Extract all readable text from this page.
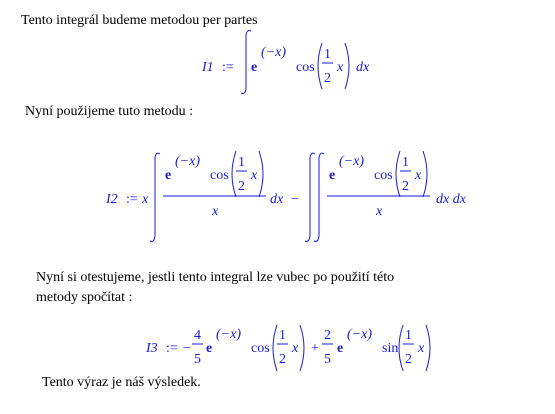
Tento integrál budeme metodou per partes
Nyní použijeme tuto metodu :
Nyní si otestujeme, jestli tento integral lze vubec po použití této
metody spočítat :
Tento výraz je náš výsledek.
I1 := e
(−x)
cos
1
2
x dx
I2 := x
e
(−x)
cos
1
2
x
x
dx −
e
(−x)
cos
1
2
x
x
dx dx
I3 := −
4
5
e
(−x)
cos
1
2
x +
2
5
e
(−x)
sin
1
2
x
